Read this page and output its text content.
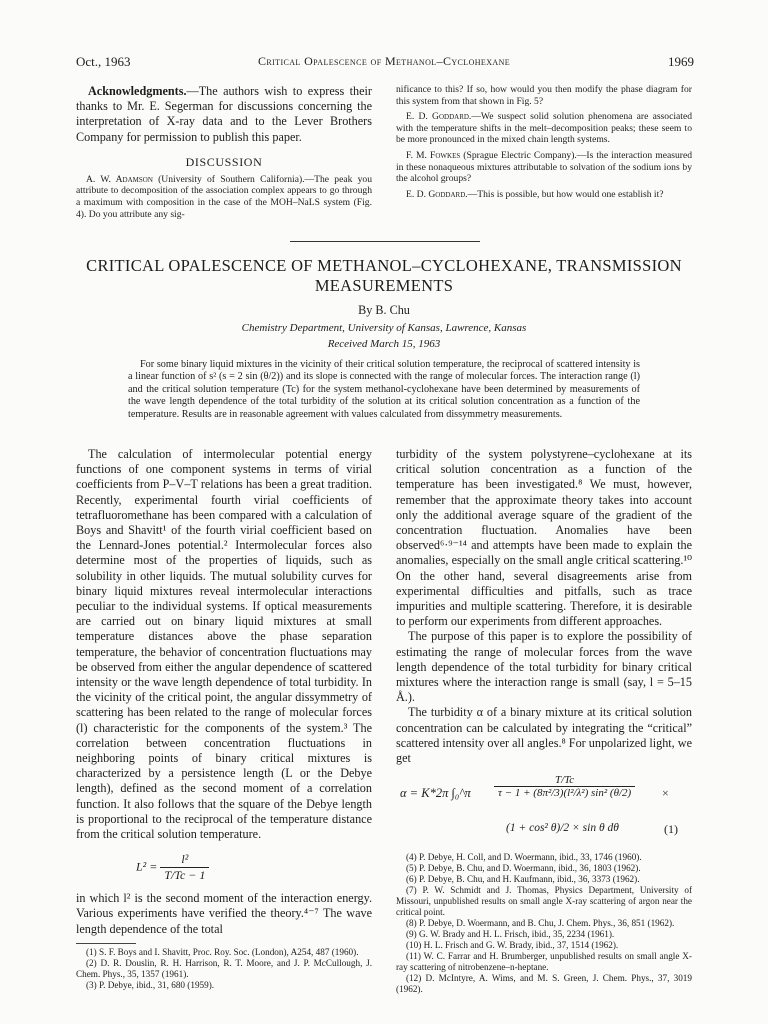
Oct., 1963	Critical Opalescence of Methanol–Cyclohexane	1969

Acknowledgments.—The authors wish to express their thanks to Mr. E. Segerman for discussions concerning the interpretation of X-ray data and to the Lever Brothers Company for permission to publish this paper.

DISCUSSION

A. W. Adamson (University of Southern California).—The peak you attribute to decomposition of the association complex appears to go through a maximum with composition in the case of the MOH–NaLS system (Fig. 4). Do you attribute any sig-

nificance to this? If so, how would you then modify the phase diagram for this system from that shown in Fig. 5?

E. D. Goddard.—We suspect solid solution phenomena are associated with the temperature shifts in the melt–decomposition peaks; these seem to be more pronounced in the mixed chain length systems.

F. M. Fowkes (Sprague Electric Company).—Is the interaction measured in these nonaqueous mixtures attributable to solvation of the sodium ions by the alcohol groups?

E. D. Goddard.—This is possible, but how would one establish it?

CRITICAL OPALESCENCE OF METHANOL–CYCLOHEXANE, TRANSMISSION MEASUREMENTS
By B. Chu
Chemistry Department, University of Kansas, Lawrence, Kansas
Received March 15, 1963

For some binary liquid mixtures in the vicinity of their critical solution temperature, the reciprocal of scattered intensity is a linear function of s² (s = 2 sin (θ/2)) and its slope is connected with the range of molecular forces. The interaction range (l) and the critical solution temperature (Tc) for the system methanol-cyclohexane have been determined by measurements of the wave length dependence of the total turbidity of the solution at its critical solution concentration as a function of the temperature. Results are in reasonable agreement with values calculated from dissymmetry measurements.

The calculation of intermolecular potential energy functions of one component systems in terms of virial coefficients from P–V–T relations has been a great tradition. Recently, experimental fourth virial coefficients of tetrafluoromethane has been compared with a calculation of Boys and Shavitt¹ of the fourth virial coefficient based on the Lennard-Jones potential.² Intermolecular forces also determine most of the properties of liquids, such as solubility in other liquids. The mutual solubility curves for binary liquid mixtures reveal intermolecular interactions peculiar to the individual systems. If optical measurements are carried out on binary liquid mixtures at small temperature distances above the phase separation temperature, the behavior of concentration fluctuations may be observed from either the angular dependence of scattered intensity or the wave length dependence of total turbidity. In the vicinity of the critical point, the angular dissymmetry of scattering has been related to the range of molecular forces (l) characteristic for the components of the system.³ The correlation between concentration fluctuations in neighboring points of binary critical mixtures is characterized by a persistence length (L or the Debye length), defined as the second moment of a correlation function. It also follows that the square of the Debye length is proportional to the reciprocal of the temperature distance from the critical solution temperature.

$L^2 = \frac{\text{l²}}{T/Tc - 1}$

in which l² is the second moment of the interaction energy. Various experiments have verified the theory.⁴⁻⁷ The wave length dependence of the total

(1) S. F. Boys and I. Shavitt, Proc. Roy. Soc. (London), A254, 487 (1960).

(2) D. R. Douslin, R. H. Harrison, R. T. Moore, and J. P. McCullough, J. Chem. Phys., 35, 1357 (1961).

(3) P. Debye, ibid., 31, 680 (1959).

turbidity of the system polystyrene–cyclohexane at its critical solution concentration as a function of the temperature has been investigated.⁸ We must, however, remember that the approximate theory takes into account only the additional average square of the gradient of the concentration fluctuation. Anomalies have been observed⁶·⁹⁻¹⁴ and attempts have been made to explain the anomalies, especially on the small angle critical scattering.¹⁰ On the other hand, several disagreements arise from experimental difficulties and pitfalls, such as trace impurities and multiple scattering. Therefore, it is desirable to perform our experiments from different approaches.

The purpose of this paper is to explore the possibility of estimating the range of molecular forces from the wave length dependence of the total turbidity for binary critical mixtures where the interaction range is small (say, l = 5–15 Å.).

The turbidity α of a binary mixture at its critical solution concentration can be calculated by integrating the “critical” scattered intensity over all angles.⁸ For unpolarized light, we get

α = K*2π ∫₀^π $\frac{T/Tc}{\text{τ − 1 + (8π²/3)(l²/λ²) sin² (θ/2)}}$ ×
(1 + cos² θ)/2 × sin θ dθ	(1)

(4) P. Debye, H. Coll, and D. Woermann, ibid., 33, 1746 (1960).

(5) P. Debye, B. Chu, and D. Woermann, ibid., 36, 1803 (1962).

(6) P. Debye, B. Chu, and H. Kaufmann, ibid., 36, 3373 (1962).

(7) P. W. Schmidt and J. Thomas, Physics Department, University of Missouri, unpublished results on small angle X-ray scattering of argon near the critical point.

(8) P. Debye, D. Woermann, and B. Chu, J. Chem. Phys., 36, 851 (1962).

(9) G. W. Brady and H. L. Frisch, ibid., 35, 2234 (1961).

(10) H. L. Frisch and G. W. Brady, ibid., 37, 1514 (1962).

(11) W. C. Farrar and H. Brumberger, unpublished results on small angle X-ray scattering of nitrobenzene–n-heptane.

(12) D. McIntyre, A. Wims, and M. S. Green, J. Chem. Phys., 37, 3019 (1962).
